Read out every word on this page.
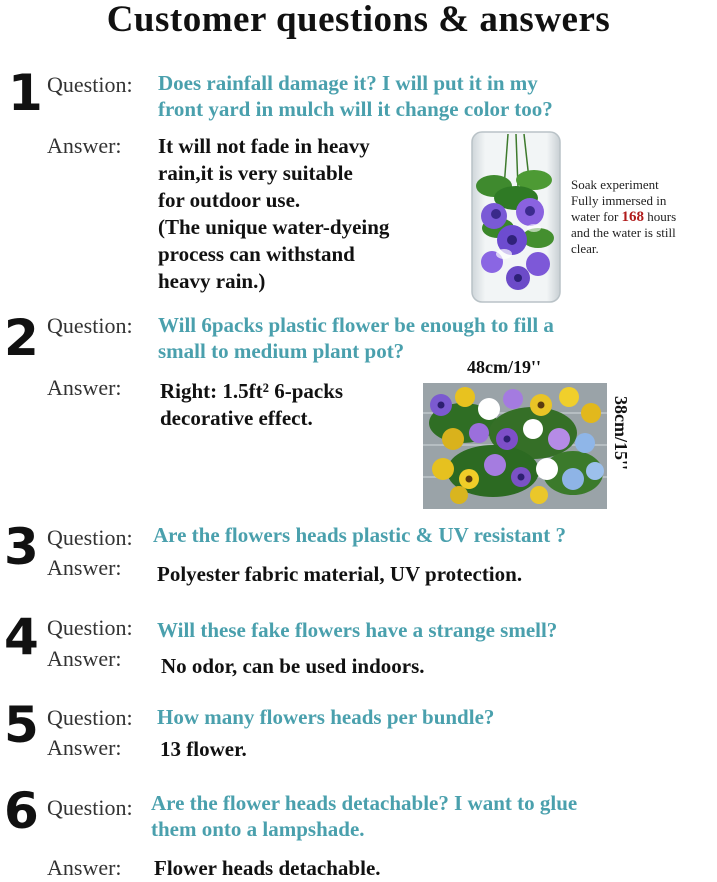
Customer questions & answers
1 Question: Does rainfall damage it? I will put it in my
front yard in mulch will it change color too?
Answer: It will not fade in heavy
rain,it is very suitable
for outdoor use.
(The unique water-dyeing
process can withstand
heavy rain.)
Soak experiment
Fully immersed in
water for 168 hours
and the water is still
clear.
2 Question: Will 6packs plastic flower be enough to fill a
small to medium plant pot?
Answer: Right: 1.5ft² 6-packs
decorative effect.
48cm/19''
38cm/15''
3 Question: Are the flowers heads plastic & UV resistant ?
Answer: Polyester fabric material, UV protection.
4 Question: Will these fake flowers have a strange smell?
Answer: No odor, can be used indoors.
5 Question: How many flowers heads per bundle?
Answer: 13 flower.
6 Question: Are the flower heads detachable? I want to glue
them onto a lampshade.
Answer: Flower heads detachable.
